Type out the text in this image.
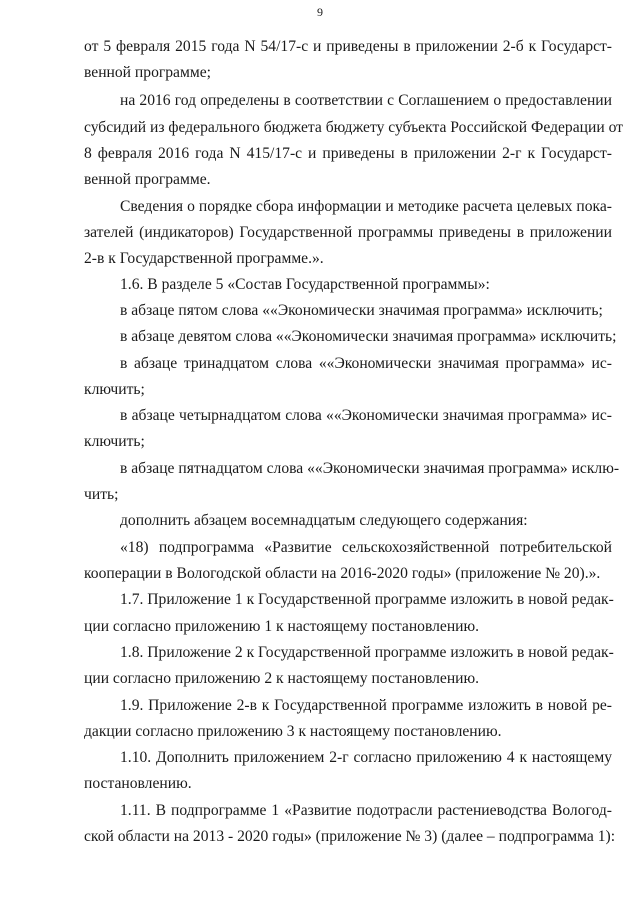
9
от 5 февраля 2015 года N 54/17-с и приведены в приложении 2-б к Государст-
венной программе;
на 2016 год определены в соответствии с Соглашением о предоставлении
субсидий из федерального бюджета бюджету субъекта Российской Федерации от
8 февраля 2016 года N 415/17-с и приведены в приложении 2-г к Государст-
венной программе.
Сведения о порядке сбора информации и методике расчета целевых пока-
зателей (индикаторов) Государственной программы приведены в приложении
2-в к Государственной программе.».
1.6. В разделе 5 «Состав Государственной программы»:
в абзаце пятом слова ««Экономически значимая программа» исключить;
в абзаце девятом слова ««Экономически значимая программа» исключить;
в абзаце тринадцатом слова ««Экономически значимая программа» ис-
ключить;
в абзаце четырнадцатом слова ««Экономически значимая программа» ис-
ключить;
в абзаце пятнадцатом слова ««Экономически значимая программа» исклю-
чить;
дополнить абзацем восемнадцатым следующего содержания:
«18) подпрограмма «Развитие сельскохозяйственной потребительской
кооперации в Вологодской области на 2016-2020 годы» (приложение № 20).».
1.7. Приложение 1 к Государственной программе изложить в новой редак-
ции согласно приложению 1 к настоящему постановлению.
1.8. Приложение 2 к Государственной программе изложить в новой редак-
ции согласно приложению 2 к настоящему постановлению.
1.9. Приложение 2-в к Государственной программе изложить в новой ре-
дакции согласно приложению 3 к настоящему постановлению.
1.10. Дополнить приложением 2-г согласно приложению 4 к настоящему
постановлению.
1.11. В подпрограмме 1 «Развитие подотрасли растениеводства Вологод-
ской области на 2013 - 2020 годы» (приложение № 3) (далее – подпрограмма 1):
